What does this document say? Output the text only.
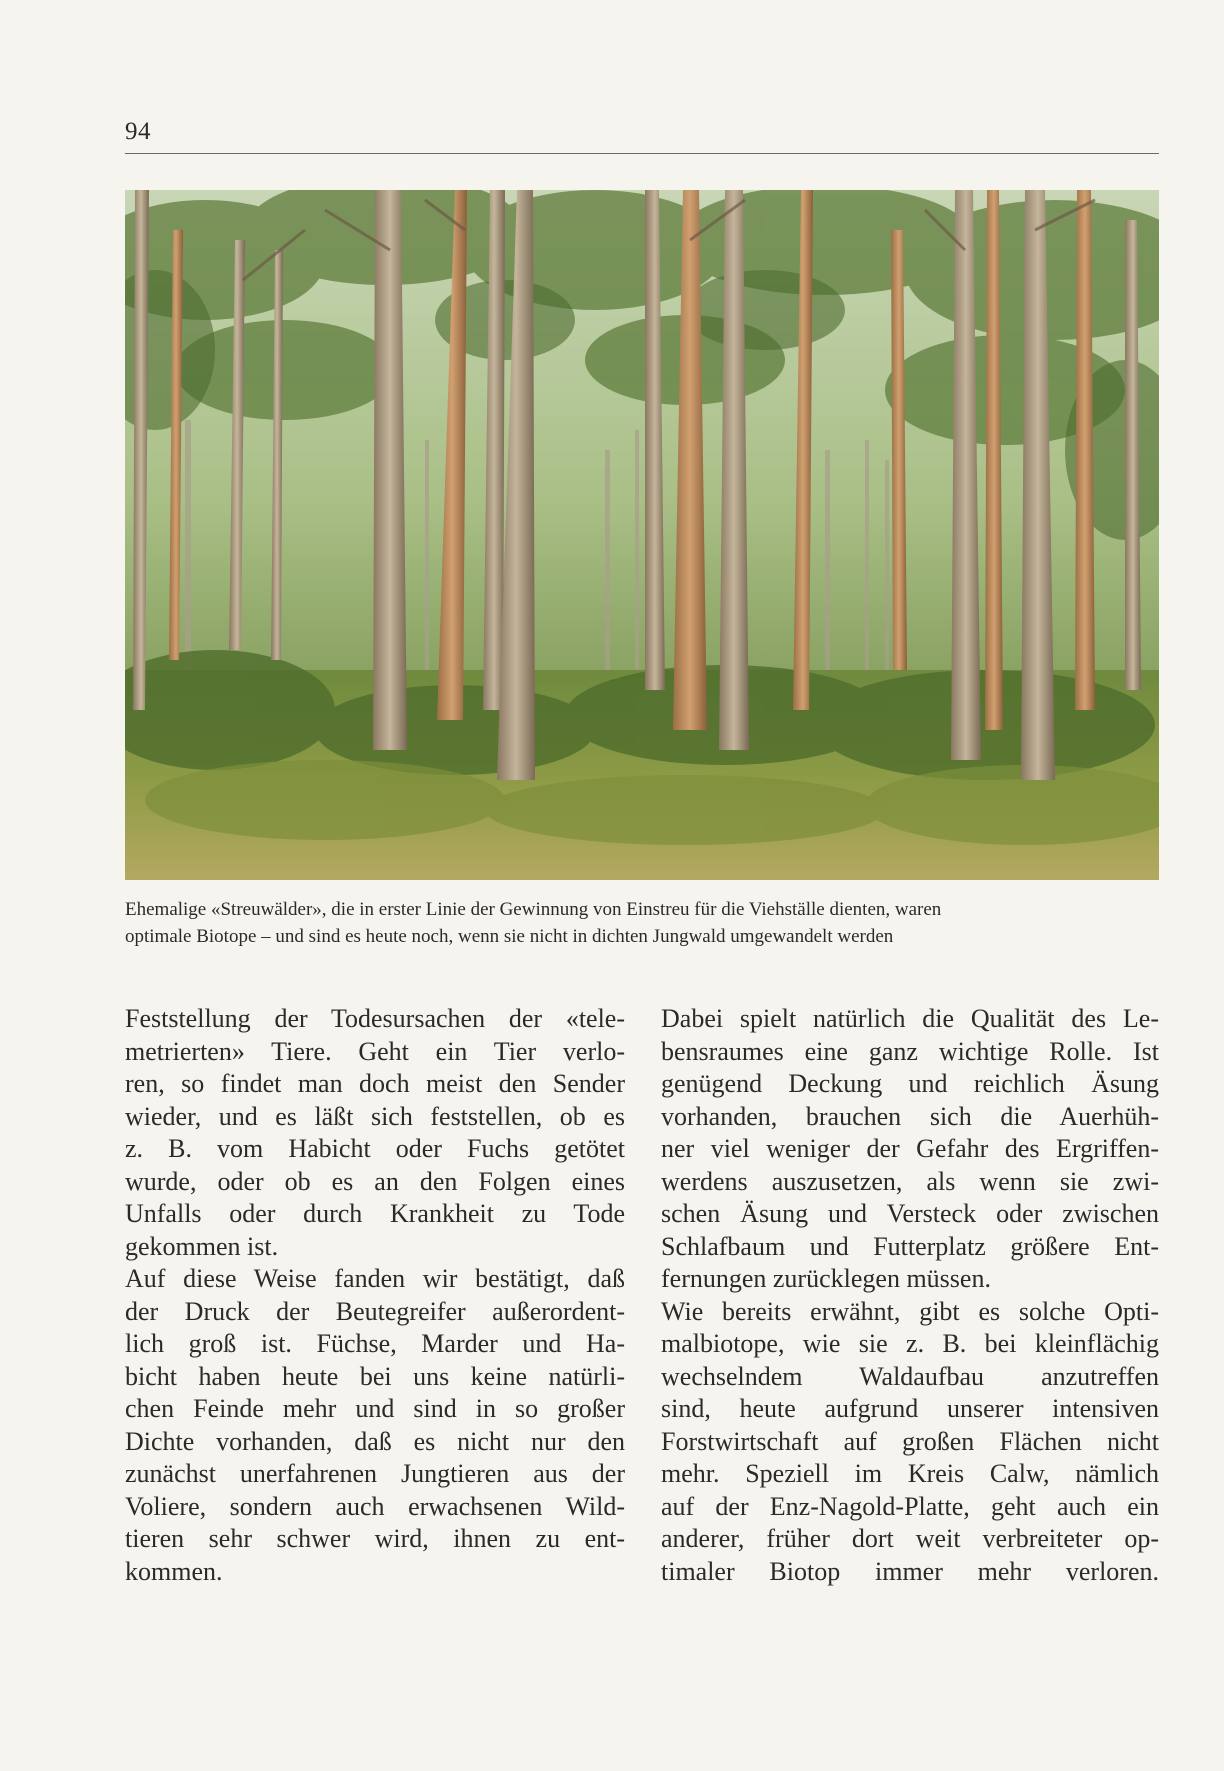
94
Ehemalige «Streuwälder», die in erster Linie der Gewinnung von Einstreu für die Viehställe dienten, waren
optimale Biotope – und sind es heute noch, wenn sie nicht in dichten Jungwald umgewandelt werden
Feststellung der Todesursachen der «tele-
metrierten» Tiere. Geht ein Tier verlo-
ren, so findet man doch meist den Sender
wieder, und es läßt sich feststellen, ob es
z. B. vom Habicht oder Fuchs getötet
wurde, oder ob es an den Folgen eines
Unfalls oder durch Krankheit zu Tode
gekommen ist.
Auf diese Weise fanden wir bestätigt, daß
der Druck der Beutegreifer außerordent-
lich groß ist. Füchse, Marder und Ha-
bicht haben heute bei uns keine natürli-
chen Feinde mehr und sind in so großer
Dichte vorhanden, daß es nicht nur den
zunächst unerfahrenen Jungtieren aus der
Voliere, sondern auch erwachsenen Wild-
tieren sehr schwer wird, ihnen zu ent-
kommen.
Dabei spielt natürlich die Qualität des Le-
bensraumes eine ganz wichtige Rolle. Ist
genügend Deckung und reichlich Äsung
vorhanden, brauchen sich die Auerhüh-
ner viel weniger der Gefahr des Ergriffen-
werdens auszusetzen, als wenn sie zwi-
schen Äsung und Versteck oder zwischen
Schlafbaum und Futterplatz größere Ent-
fernungen zurücklegen müssen.
Wie bereits erwähnt, gibt es solche Opti-
malbiotope, wie sie z. B. bei kleinflächig
wechselndem Waldaufbau anzutreffen
sind, heute aufgrund unserer intensiven
Forstwirtschaft auf großen Flächen nicht
mehr. Speziell im Kreis Calw, nämlich
auf der Enz-Nagold-Platte, geht auch ein
anderer, früher dort weit verbreiteter op-
timaler Biotop immer mehr verloren.
